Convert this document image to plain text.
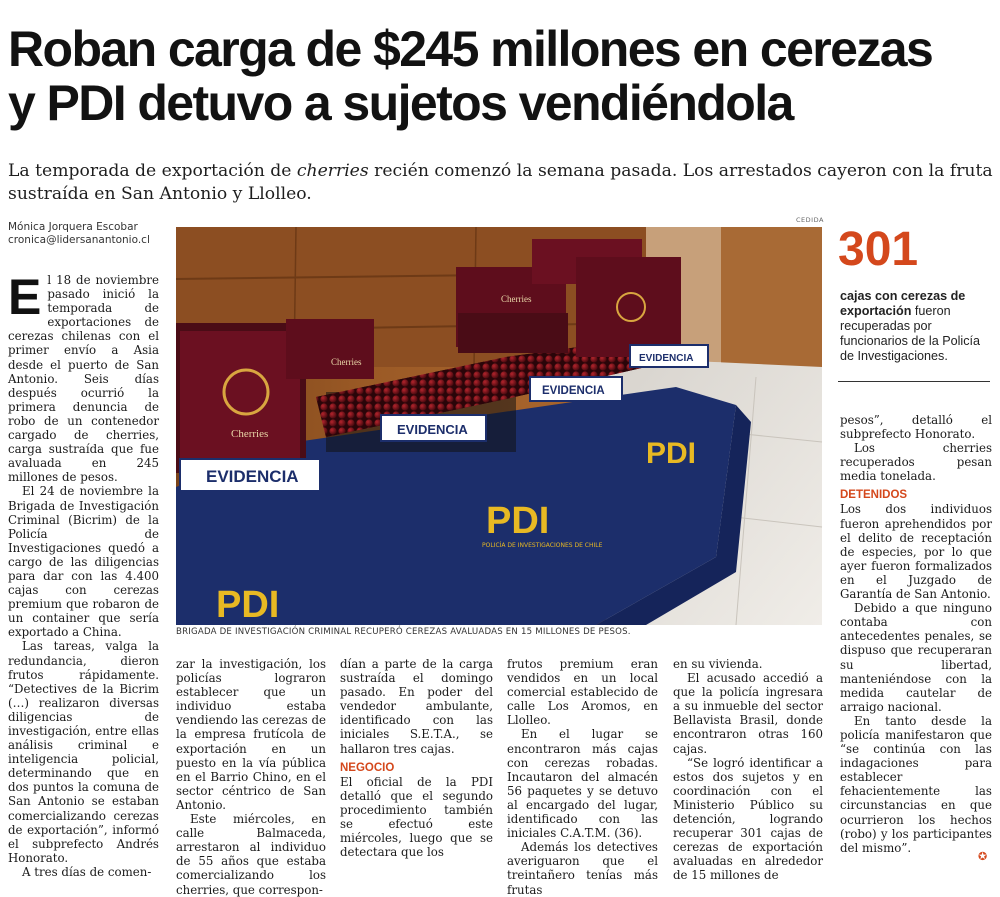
Roban carga de $245 millones en cerezas
y PDI detuvo a sujetos vendiéndola
La temporada de exportación de cherries recién comenzó la semana pasada. Los arrestados cayeron con la fruta sustraída en San Antonio y Llolleo.
Mónica Jorquera Escobar
cronica@lidersanantonio.cl
CEDIDA

El 18 de noviembre pasado inició la temporada de exportaciones de cerezas chilenas con el primer envío a Asia desde el puerto de San Antonio. Seis días después ocurrió la primera denuncia de robo de un contenedor cargado de cherries, carga sustraída que fue avaluada en 245 millones de pesos.

El 24 de noviembre la Brigada de Investigación Criminal (Bicrim) de la Policía de Investigaciones quedó a cargo de las diligencias para dar con las 4.400 cajas con cerezas premium que robaron de un container que sería exportado a China.

Las tareas, valga la redundancia, dieron frutos rápidamente. “Detectives de la Bicrim (…) realizaron diversas diligencias de investigación, entre ellas análisis criminal e inteligencia policial, determinando que en dos puntos la comuna de San Antonio se estaban comercializando cerezas de exportación”, informó el subprefecto Andrés Honorato.

A tres días de comen-

Cherries
Cherries
Cherries
EVIDENCIA
EVIDENCIA
EVIDENCIA
EVIDENCIA
PDI
POLICÍA DE INVESTIGACIONES DE CHILE
PDI
PDI
BRIGADA DE INVESTIGACIÓN CRIMINAL RECUPERÓ CEREZAS AVALUADAS EN 15 MILLONES DE PESOS.
301
cajas con cerezas de exportación fueron recuperadas por funcionarios de la Policía de Investigaciones.

zar la investigación, los policías lograron establecer que un individuo estaba vendiendo las cerezas de la empresa frutícola de exportación en un puesto en la vía pública en el Barrio Chino, en el sector céntrico de San Antonio.

Este miércoles, en calle Balmaceda, arrestaron al individuo de 55 años que estaba comercializando los cherries, que correspon-

dían a parte de la carga sustraída el domingo pasado. En poder del vendedor ambulante, identificado con las iniciales S.E.T.A., se hallaron tres cajas.

NEGOCIO

El oficial de la PDI detalló que el segundo procedimiento también se efectuó este miércoles, luego que se detectara que los

frutos premium eran vendidos en un local comercial establecido de calle Los Aromos, en Llolleo.

En el lugar se encontraron más cajas con cerezas robadas. Incautaron del almacén 56 paquetes y se detuvo al encargado del lugar, identificado con las iniciales C.A.T.M. (36).

Además los detectives averiguaron que el treintañero tenías más frutas

en su vivienda.

El acusado accedió a que la policía ingresara a su inmueble del sector Bellavista Brasil, donde encontraron otras 160 cajas.

“Se logró identificar a estos dos sujetos y en coordinación con el Ministerio Público su detención, logrando recuperar 301 cajas de cerezas de exportación avaluadas en alrededor de 15 millones de

pesos”, detalló el subprefecto Honorato.

Los cherries recuperados pesan media tonelada.

DETENIDOS

Los dos individuos fueron aprehendidos por el delito de receptación de especies, por lo que ayer fueron formalizados en el Juzgado de Garantía de San Antonio.

Debido a que ninguno contaba con antecedentes penales, se dispuso que recuperaran su libertad, manteniéndose con la medida cautelar de arraigo nacional.

En tanto desde la policía manifestaron que “se continúa con las indagaciones para establecer fehacientemente las circunstancias en que ocurrieron los hechos (robo) y los participantes del mismo”.

✪
